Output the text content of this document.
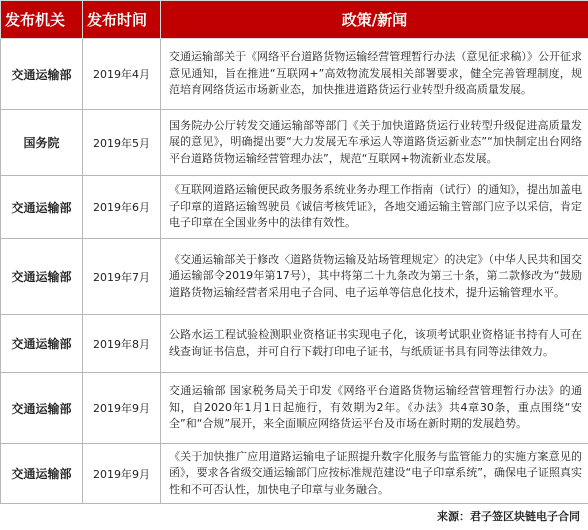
发布机关	发布时间	政策/新闻
交通运输部	2019年4月	交通运输部关于《网络平台道路货物运输经营管理暂行办法（意见征求稿）》公开征求意见通知，旨在推进“互联网+”高效物流发展相关部署要求，健全完善管理制度，规范培育网络货运市场新业态，加快推进道路货运行业转型升级高质量发展。
国务院	2019年5月	国务院办公厅转发交通运输部等部门《关于加快道路货运行业转型升级促进高质量发展的意见》，明确提出要“大力发展无车承运人等道路货运新业态”“加快制定出台网络平台道路货物运输经营管理办法”，规范“互联网+物流新业态发展。
交通运输部	2019年6月	《互联网道路运输便民政务服务系统业务办理工作指南（试行）的通知》，提出加盖电子印章的道路运输驾驶员《诚信考核凭证》，各地交通运输主管部门应予以采信，肯定电子印章在全国业务中的法律有效性。
交通运输部	2019年7月	《交通运输部关于修改〈道路货物运输及站场管理规定〉的决定》（中华人民共和国交通运输部令2019年第17号），其中将第二十九条改为第三十条，第二款修改为“鼓励道路货物运输经营者采用电子合同、电子运单等信息化技术，提升运输管理水平。
交通运输部	2019年8月	公路水运工程试验检测职业资格证书实现电子化，该项考试职业资格证书持有人可在线查询证书信息，并可自行下载打印电子证书，与纸质证书具有同等法律效力。
交通运输部	2019年9月	交通运输部 国家税务局关于印发《网络平台道路货物运输经营管理暂行办法》的通知，自2020年1月1日起施行，有效期为2年。《办法》共4章30条，重点围绕“安全”和“合规”展开，来全面顺应网络货运平台及市场在新时期的发展趋势。
交通运输部	2019年9月	《关于加快推广应用道路运输电子证照提升数字化服务与监管能力的实施方案意见的函》，要求各省级交通运输部门应按标准规范建设“电子印章系统”，确保电子证照真实性和不可否认性，加快电子印章与业务融合。
来源：君子签区块链电子合同
